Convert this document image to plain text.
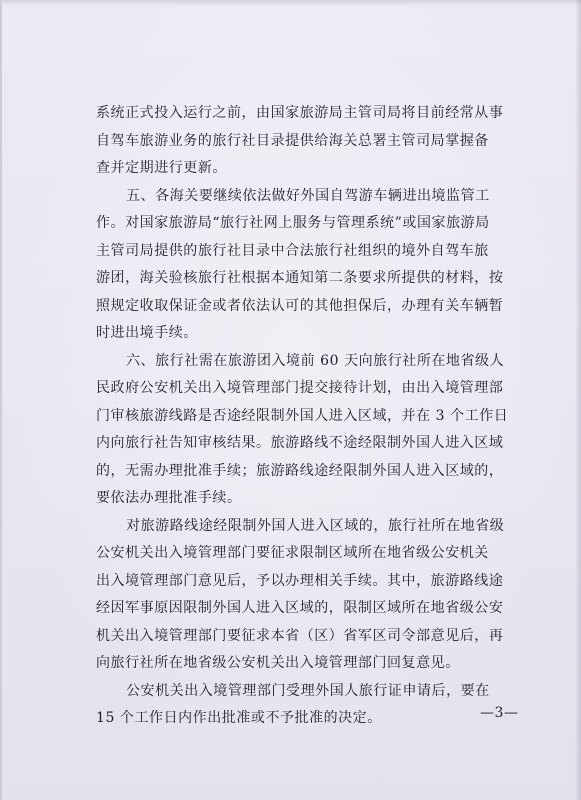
系统正式投入运行之前，由国家旅游局主管司局将目前经常从事
自驾车旅游业务的旅行社目录提供给海关总署主管司局掌握备
查并定期进行更新。

五、各海关要继续依法做好外国自驾游车辆进出境监管工
作。对国家旅游局“旅行社网上服务与管理系统”或国家旅游局
主管司局提供的旅行社目录中合法旅行社组织的境外自驾车旅
游团，海关验核旅行社根据本通知第二条要求所提供的材料，按
照规定收取保证金或者依法认可的其他担保后，办理有关车辆暂
时进出境手续。

六、旅行社需在旅游团入境前 60 天向旅行社所在地省级人
民政府公安机关出入境管理部门提交接待计划，由出入境管理部
门审核旅游线路是否途经限制外国人进入区域，并在 3 个工作日
内向旅行社告知审核结果。旅游路线不途经限制外国人进入区域
的，无需办理批准手续；旅游路线途经限制外国人进入区域的，
要依法办理批准手续。

对旅游路线途经限制外国人进入区域的，旅行社所在地省级
公安机关出入境管理部门要征求限制区域所在地省级公安机关
出入境管理部门意见后，予以办理相关手续。其中，旅游路线途
经因军事原因限制外国人进入区域的，限制区域所在地省级公安
机关出入境管理部门要征求本省（区）省军区司令部意见后，再
向旅行社所在地省级公安机关出入境管理部门回复意见。

公安机关出入境管理部门受理外国人旅行证申请后，要在
15 个工作日内作出批准或不予批准的决定。	—3—
